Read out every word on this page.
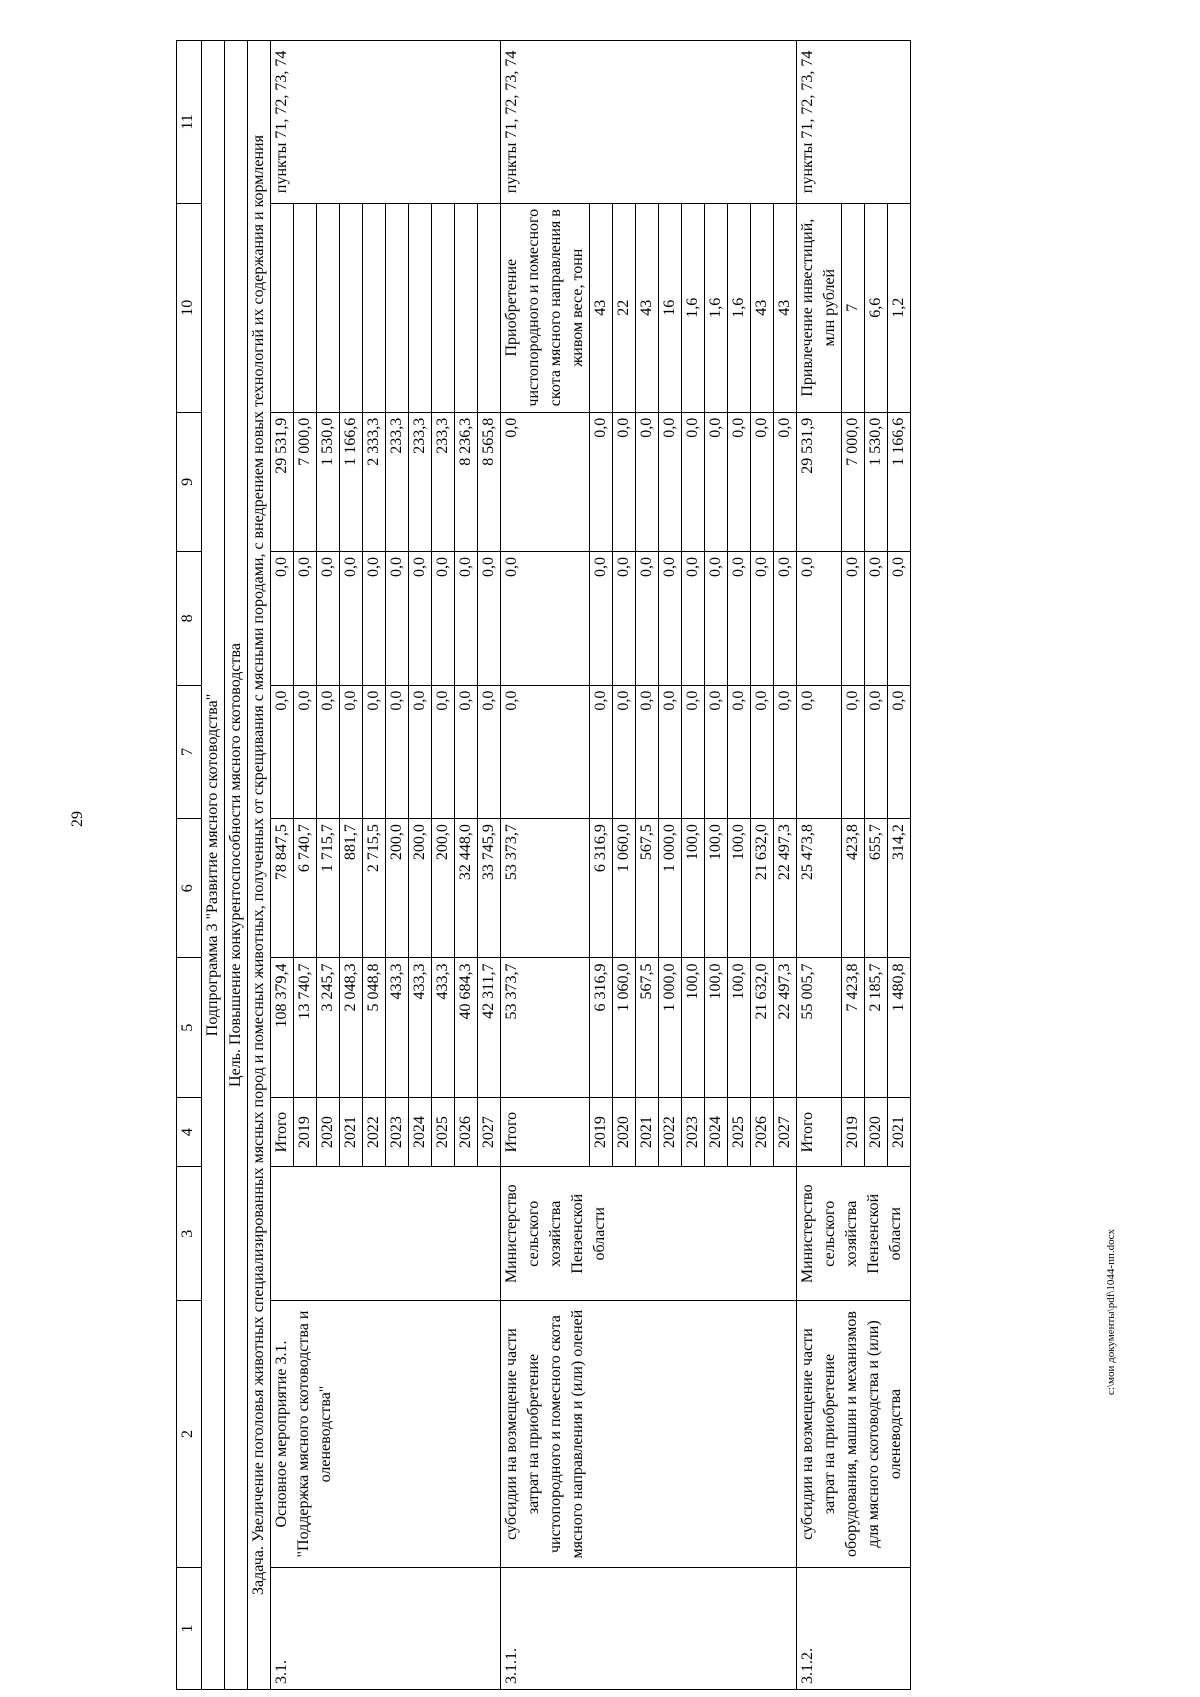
29
c:\мои документы\pdf\1044-пп.docx
1	2	3	4	5	6	7	8	9	10	11
Подпрограмма 3 "Развитие мясного скотоводства"										
Цель. Повышение конкурентоспособности мясного скотоводства										
Задача. Увеличение поголовья животных специализированных мясных пород и помесных животных, полученных от скрещивания с мясными породами, с внедрением новых технологий их содержания и кормления										
3.1.	Основное мероприятие 3.1. "Поддержка мясного скотоводства и оленеводства"		Итого	108 379,4	78 847,5	0,0	0,0	29 531,9		пункты 71, 72, 73, 74
			2019	13 740,7	6 740,7	0,0	0,0	7 000,0		
			2020	3 245,7	1 715,7	0,0	0,0	1 530,0		
			2021	2 048,3	881,7	0,0	0,0	1 166,6		
			2022	5 048,8	2 715,5	0,0	0,0	2 333,3		
			2023	433,3	200,0	0,0	0,0	233,3		
			2024	433,3	200,0	0,0	0,0	233,3		
			2025	433,3	200,0	0,0	0,0	233,3		
			2026	40 684,3	32 448,0	0,0	0,0	8 236,3		
			2027	42 311,7	33 745,9	0,0	0,0	8 565,8		
3.1.1.	субсидии на возмещение части затрат на приобретение чистопородного и помесного скота мясного направления и (или) оленей	Министерство сельского хозяйства Пензенской области	Итого	53 373,7	53 373,7	0,0	0,0	0,0	Приобретение чистопородного и помесного скота мясного направления в живом весе, тонн	пункты 71, 72, 73, 74
			2019	6 316,9	6 316,9	0,0	0,0	0,0	43	
			2020	1 060,0	1 060,0	0,0	0,0	0,0	22	
			2021	567,5	567,5	0,0	0,0	0,0	43	
			2022	1 000,0	1 000,0	0,0	0,0	0,0	16	
			2023	100,0	100,0	0,0	0,0	0,0	1,6	
			2024	100,0	100,0	0,0	0,0	0,0	1,6	
			2025	100,0	100,0	0,0	0,0	0,0	1,6	
			2026	21 632,0	21 632,0	0,0	0,0	0,0	43	
			2027	22 497,3	22 497,3	0,0	0,0	0,0	43	
3.1.2.	субсидии на возмещение части затрат на приобретение оборудования, машин и механизмов для мясного скотоводства и (или) оленеводства	Министерство сельского хозяйства Пензенской области	Итого	55 005,7	25 473,8	0,0	0,0	29 531,9	Привлечение инвестиций, млн рублей	пункты 71, 72, 73, 74
			2019	7 423,8	423,8	0,0	0,0	7 000,0	7	
			2020	2 185,7	655,7	0,0	0,0	1 530,0	6,6	
			2021	1 480,8	314,2	0,0	0,0	1 166,6	1,2	
